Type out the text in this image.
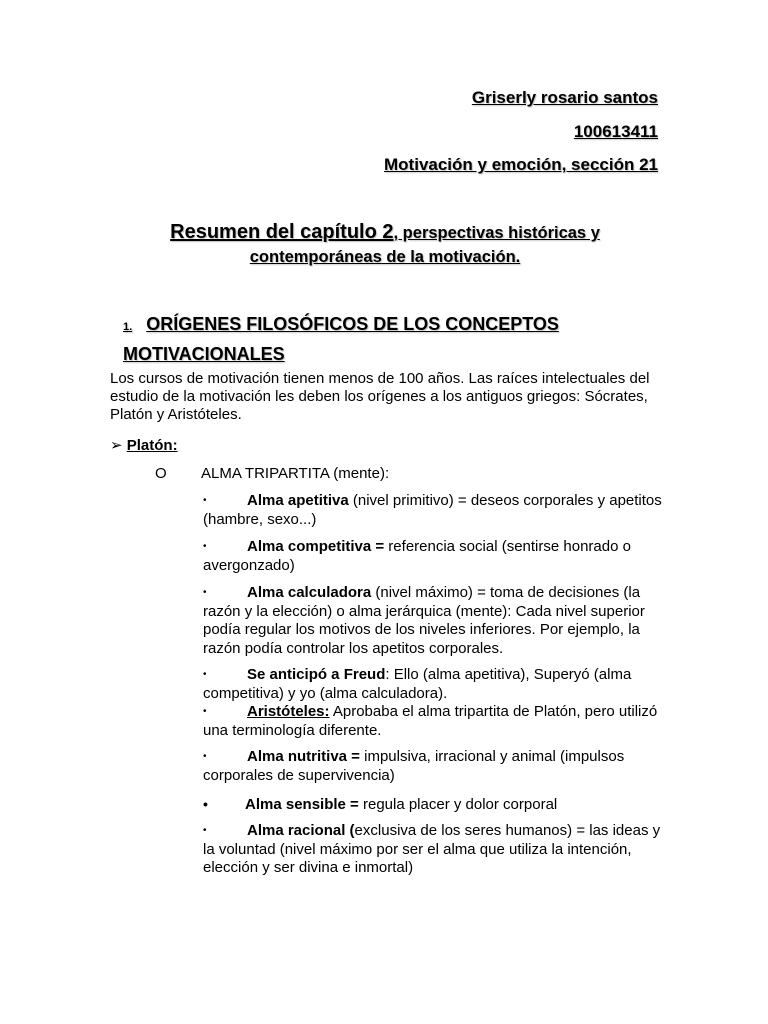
Griserly rosario santos
100613411
Motivación y emoción, sección 21
Resumen del capítulo 2, perspectivas históricas y
contemporáneas de la motivación.
1. ORÍGENES FILOSÓFICOS DE LOS CONCEPTOS
MOTIVACIONALES
Los cursos de motivación tienen menos de 100 años. Las raíces intelectuales del estudio de la motivación les deben los orígenes a los antiguos griegos: Sócrates, Platón y Aristóteles.
➢ Platón:
O ALMA TRIPARTITA (mente):
•	Alma apetitiva (nivel primitivo) = deseos corporales y apetitos (hambre, sexo...)
•	Alma competitiva = referencia social (sentirse honrado o avergonzado)
•	Alma calculadora (nivel máximo) = toma de decisiones (la razón y la elección) o alma jerárquica (mente): Cada nivel superior podía regular los motivos de los niveles inferiores. Por ejemplo, la razón podía controlar los apetitos corporales.
•	Se anticipó a Freud: Ello (alma apetitiva), Superyó (alma competitiva) y yo (alma calculadora).
•	Aristóteles: Aprobaba el alma tripartita de Platón, pero utilizó una terminología diferente.
•	Alma nutritiva = impulsiva, irracional y animal (impulsos corporales de supervivencia)
• Alma sensible = regula placer y dolor corporal
•	Alma racional (exclusiva de los seres humanos) = las ideas y la voluntad (nivel máximo por ser el alma que utiliza la intención, elección y ser divina e inmortal)
